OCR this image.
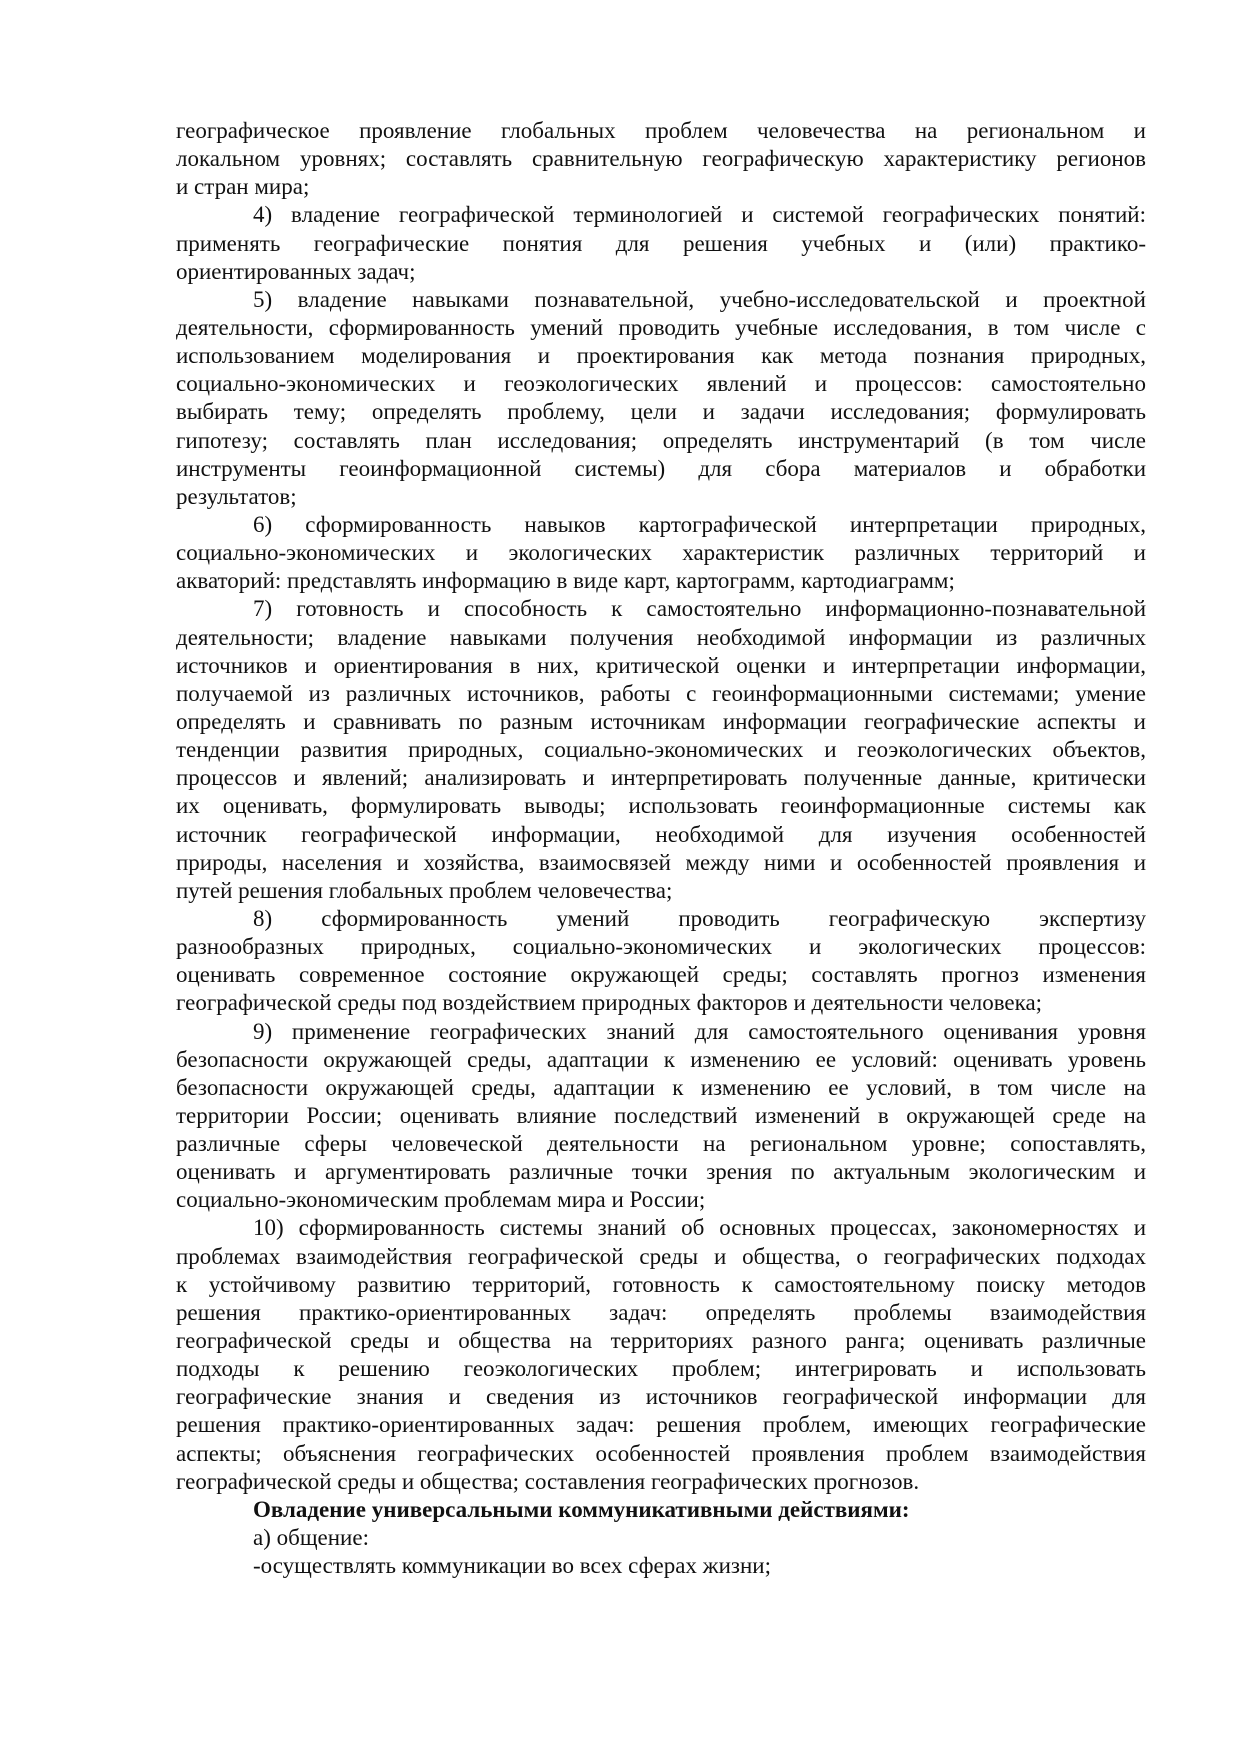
географическое проявление глобальных проблем человечества на региональном и
локальном уровнях; составлять сравнительную географическую характеристику регионов
и стран мира;
4) владение географической терминологией и системой географических понятий:
применять географические понятия для решения учебных и (или) практико-
ориентированных задач;
5) владение навыками познавательной, учебно-исследовательской и проектной
деятельности, сформированность умений проводить учебные исследования, в том числе с
использованием моделирования и проектирования как метода познания природных,
социально-экономических и геоэкологических явлений и процессов: самостоятельно
выбирать тему; определять проблему, цели и задачи исследования; формулировать
гипотезу; составлять план исследования; определять инструментарий (в том числе
инструменты геоинформационной системы) для сбора материалов и обработки
результатов;
6) сформированность навыков картографической интерпретации природных,
социально-экономических и экологических характеристик различных территорий и
акваторий: представлять информацию в виде карт, картограмм, картодиаграмм;
7) готовность и способность к самостоятельно информационно-познавательной
деятельности; владение навыками получения необходимой информации из различных
источников и ориентирования в них, критической оценки и интерпретации информации,
получаемой из различных источников, работы с геоинформационными системами; умение
определять и сравнивать по разным источникам информации географические аспекты и
тенденции развития природных, социально-экономических и геоэкологических объектов,
процессов и явлений; анализировать и интерпретировать полученные данные, критически
их оценивать, формулировать выводы; использовать геоинформационные системы как
источник географической информации, необходимой для изучения особенностей
природы, населения и хозяйства, взаимосвязей между ними и особенностей проявления и
путей решения глобальных проблем человечества;
8) сформированность умений проводить географическую экспертизу
разнообразных природных, социально-экономических и экологических процессов:
оценивать современное состояние окружающей среды; составлять прогноз изменения
географической среды под воздействием природных факторов и деятельности человека;
9) применение географических знаний для самостоятельного оценивания уровня
безопасности окружающей среды, адаптации к изменению ее условий: оценивать уровень
безопасности окружающей среды, адаптации к изменению ее условий, в том числе на
территории России; оценивать влияние последствий изменений в окружающей среде на
различные сферы человеческой деятельности на региональном уровне; сопоставлять,
оценивать и аргументировать различные точки зрения по актуальным экологическим и
социально-экономическим проблемам мира и России;
10) сформированность системы знаний об основных процессах, закономерностях и
проблемах взаимодействия географической среды и общества, о географических подходах
к устойчивому развитию территорий, готовность к самостоятельному поиску методов
решения практико-ориентированных задач: определять проблемы взаимодействия
географической среды и общества на территориях разного ранга; оценивать различные
подходы к решению геоэкологических проблем; интегрировать и использовать
географические знания и сведения из источников географической информации для
решения практико-ориентированных задач: решения проблем, имеющих географические
аспекты; объяснения географических особенностей проявления проблем взаимодействия
географической среды и общества; составления географических прогнозов.
Овладение универсальными коммуникативными действиями:
а) общение:
-осуществлять коммуникации во всех сферах жизни;
